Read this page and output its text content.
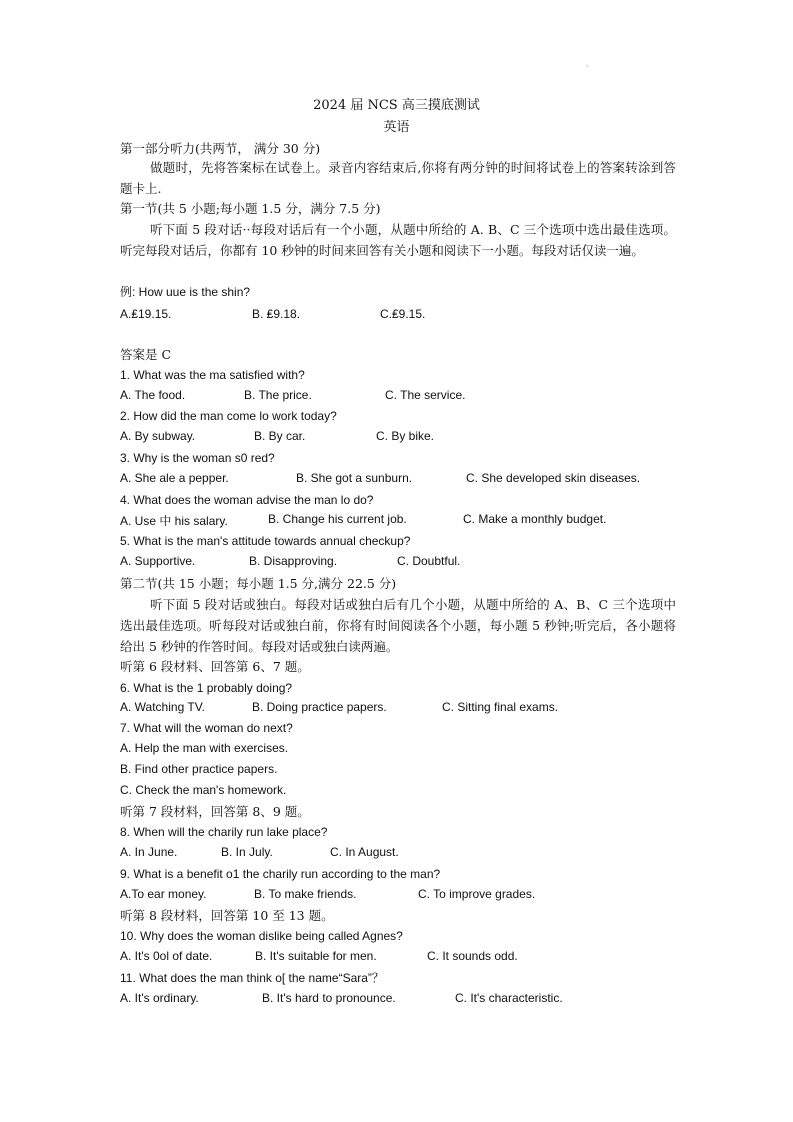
·
2024 届 NCS 高三摸底测试
英语
第一部分听力(共两节， 满分 30 分)
做题时，先将答案标在试卷上。录音内容结束后,你将有两分钟的时间将试卷上的答案转涂到答题卡上.
第一节(共 5 小题;每小题 1.5 分，满分 7.5 分)
听下面 5 段对话··每段对话后有一个小题，从题中所给的 A. B、C 三个选项中选出最佳选项。听完每段对话后，你都有 10 秒钟的时间来回答有关小题和阅读下一小题。每段对话仅读一遍。
例: How uue is the shin?
A.₤19.15.	B. ₤9.18.	C.₤9.15.
答案是 C
1. What was the ma satisfied with?
A. The food.	B. The price.	C. The service.
2. How did the man come lo work today?
A. By subway.	B. By car.	C. By bike.
3. Why is the woman s0 red?
A. She ale a pepper.	B. She got a sunburn.	C. She developed skin diseases.
4. What does the woman advise the man lo do?
A. Use 中 his salary.	B. Change his current job.	C. Make a monthly budget.
5. What is the man's attitude towards annual checkup?
A. Supportive.	B. Disapproving.	C. Doubtful.
第二节(共 15 小题；每小题 1.5 分,满分 22.5 分)
听下面 5 段对话或独白。每段对话或独白后有几个小题，从题中所给的 A、B、C 三个选项中选出最佳选项。听每段对话或独白前，你将有时间阅读各个小题，每小题 5 秒钟;听完后，各小题将给出 5 秒钟的作答时间。每段对话或独白读两遍。
听第 6 段材料、回答第 6、7 题。
6. What is the 1 probably doing?
A. Watching TV.	B. Doing practice papers.	C. Sitting final exams.
7. What will the woman do next?
A. Help the man with exercises.
B. Find other practice papers.
C. Check the man's homework.
听第 7 段材料，回答第 8、9 题。
8. When will the charily run lake place?
A. In June.	B. In July.	C. In August.
9. What is a benefit o1 the charily run according to the man?
A.To ear money.	B. To make friends.	C. To improve grades.
听第 8 段材料，回答第 10 至 13 题。
10. Why does the woman dislike being called Agnes?
A. It's 0ol of date.	B. It's suitable for men.	C. It sounds odd.
11. What does the man think o[ the name“Sara”？
A. It's ordinary.	B. It's hard to pronounce.	C. It's characteristic.
